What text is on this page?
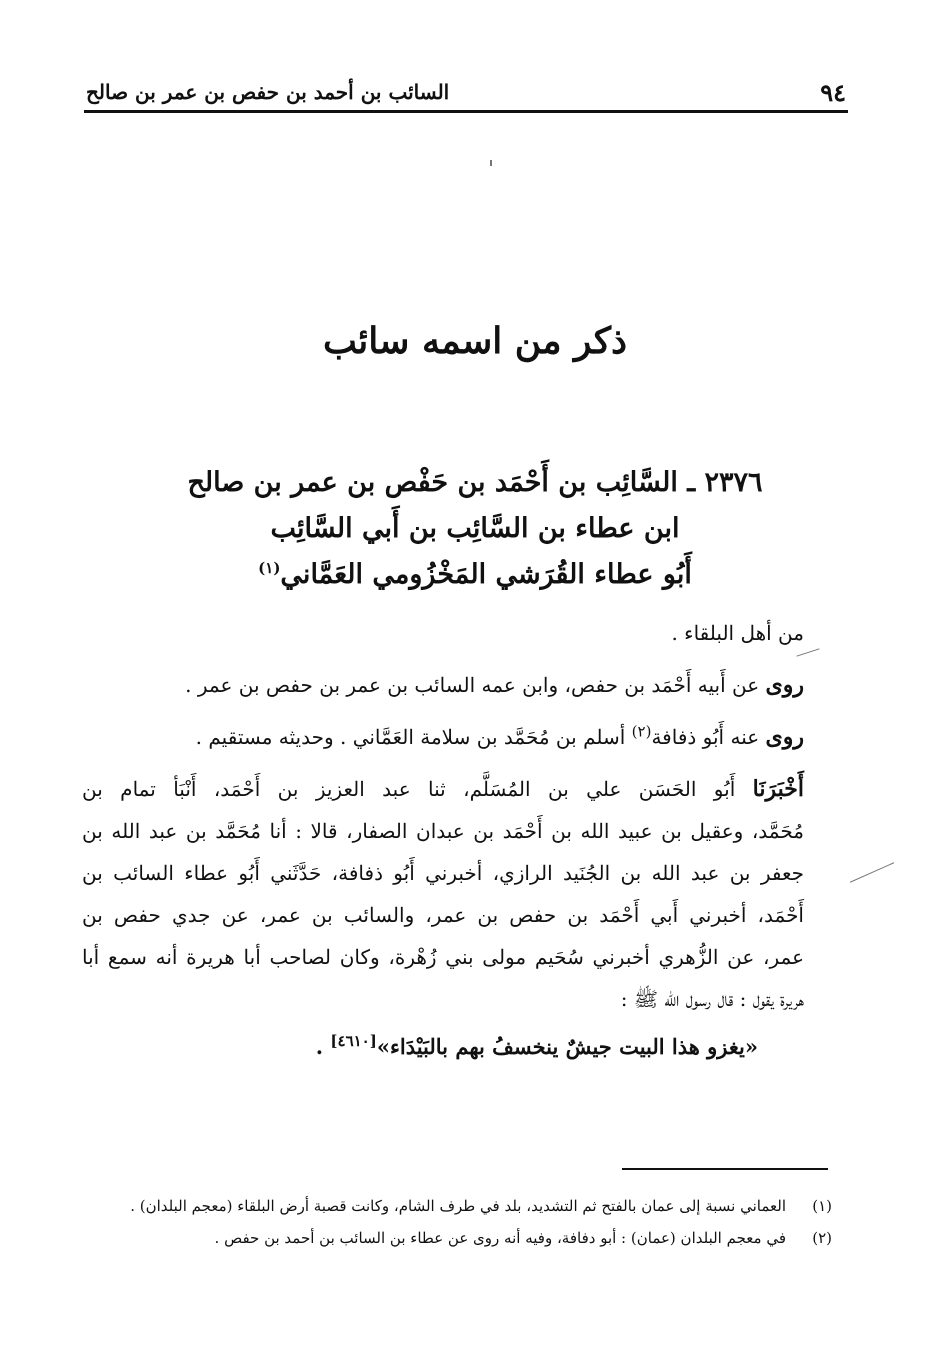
٩٤
السائب بن أحمد بن حفص بن عمر بن صالح
ذكر من اسمه سائب
٢٣٧٦ ـ السَّائِب بن أَحْمَد بن حَفْص بن عمر بن صالح
ابن عطاء بن السَّائِب بن أَبي السَّائِب
أَبُو عطاء القُرَشي المَخْزُومي العَمَّاني$^{(١)}$
من أهل البلقاء .
روى عن أَبيه أَحْمَد بن حفص، وابن عمه السائب بن عمر بن حفص بن عمر .
روى عنه أَبُو ذفافة$^{(٢)}$ أسلم بن مُحَمَّد بن سلامة العَمَّاني . وحديثه مستقيم .
أَخْبَرَنَا أَبُو الحَسَن علي بن المُسَلَّم، ثنا عبد العزيز بن أَحْمَد، أَنْبَأ تمام بن
مُحَمَّد، وعقيل بن عبيد الله بن أَحْمَد بن عبدان الصفار، قالا : أنا مُحَمَّد بن عبد الله بن
جعفر بن عبد الله بن الجُنَيد الرازي، أخبرني أَبُو ذفافة، حَدَّثَني أَبُو عطاء السائب بن
أَحْمَد، أخبرني أَبي أَحْمَد بن حفص بن عمر، والسائب بن عمر، عن جدي حفص بن
عمر، عن الزُّهري أخبرني سُحَيم مولى بني زُهْرة، وكان لصاحب أبا هريرة أنه سمع أبا
هريرة يقول : قال رسول الله ﷺ :
«يغزو هذا البيت جيشٌ ينخسفُ بهم بالبَيْدَاء»[٤٦١٠] .
(١)
العماني نسبة إلى عمان بالفتح ثم التشديد، بلد في طرف الشام، وكانت قصبة أرض البلقاء (معجم البلدان) .
(٢)
في معجم البلدان (عمان) : أبو دفافة، وفيه أنه روى عن عطاء بن السائب بن أحمد بن حفص .
